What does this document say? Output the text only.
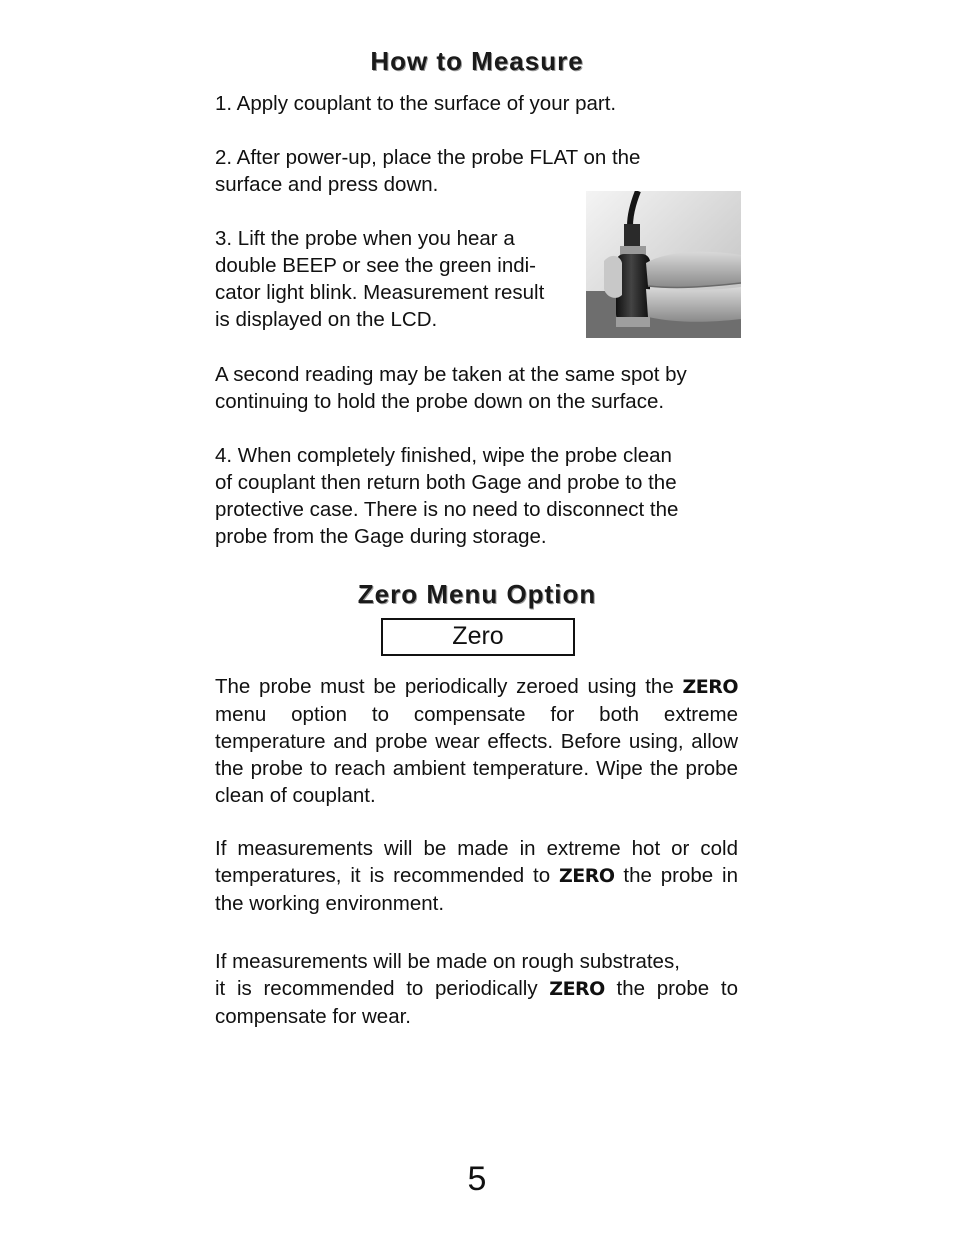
How to Measure

1. Apply couplant to the surface of your part.

2. After power-up, place the probe FLAT on the
surface and press down.

3. Lift the probe when you hear a
double BEEP or see the green indi-
cator light blink. Measurement result
is displayed on the LCD.

A second reading may be taken at the same spot by
continuing to hold the probe down on the surface.

4. When completely finished, wipe the probe clean
of couplant then return both Gage and probe to the
protective case. There is no need to disconnect the
probe from the Gage during storage.

Zero Menu Option
Zero

The probe must be periodically zeroed using the ZERO menu option to compensate for both extreme temperature and probe wear effects. Before using, allow the probe to reach ambient temperature. Wipe the probe clean of couplant.

If measurements will be made in extreme hot or cold temperatures, it is recommended to ZERO the probe in the working environment.

If measurements will be made on rough substrates,
it is recommended to periodically ZERO the probe to compensate for wear.

5
